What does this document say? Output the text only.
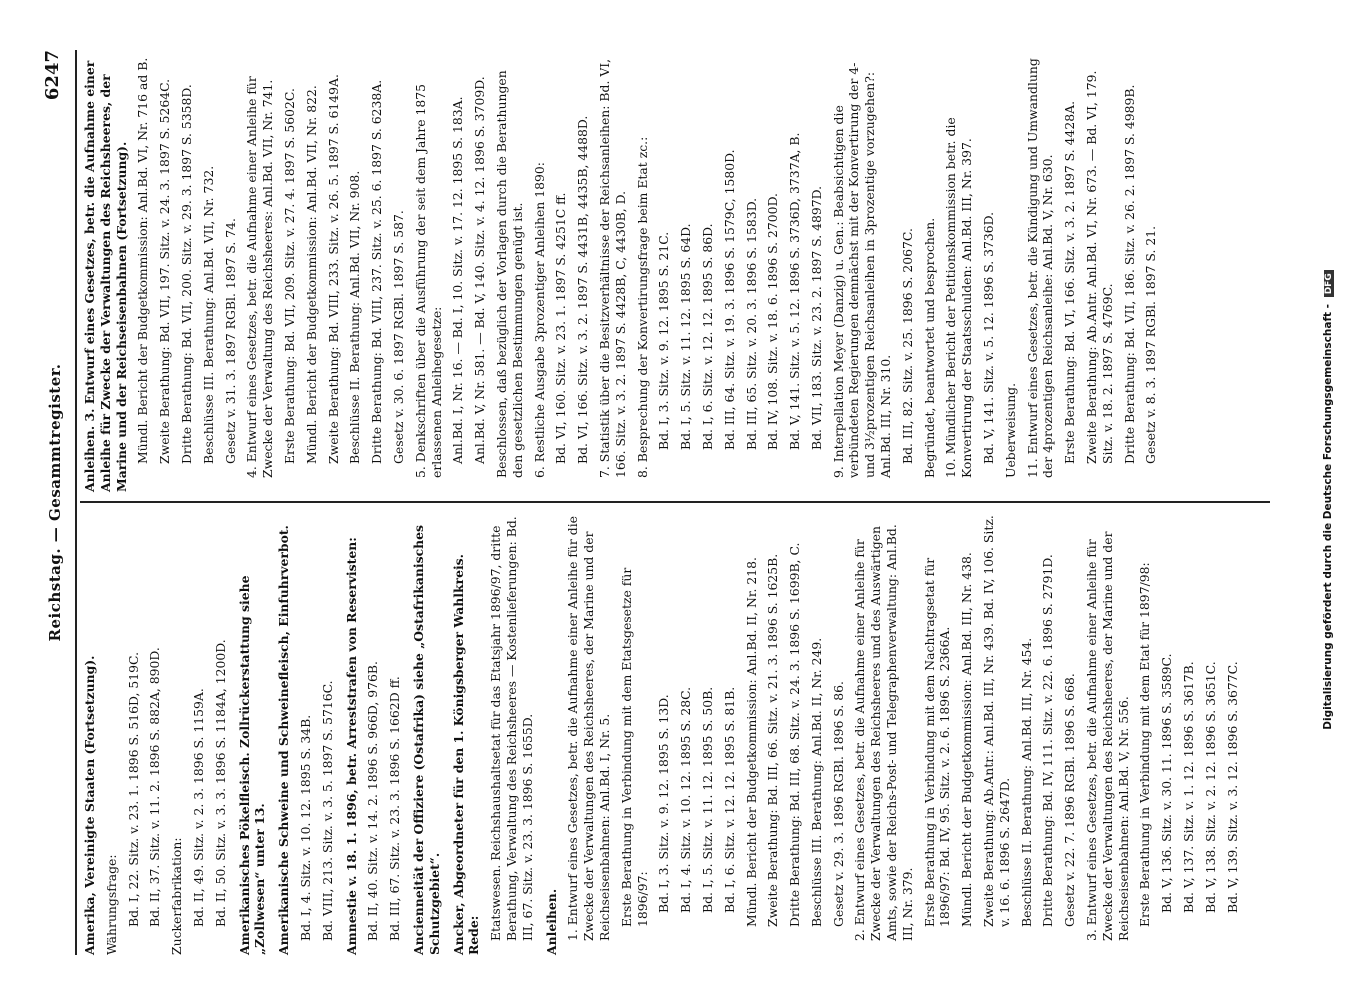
Reichstag. — Gesammtregister.
6247
Amerika, Vereinigte Staaten (Fortsetzung). Währungsfrage: Bd. I, 22. Sitz. v. 23. 1. 1896 S. 516D, 519C. Bd. II, 37. Sitz. v. 11. 2. 1896 S. 882A, 890D. Zuckerfabrikation: Bd. II, 49. Sitz. v. 2. 3. 1896 S. 1159A. Bd. II, 50. Sitz. v. 3. 3. 1896 S. 1184A, 1200D. Amerikanisches Pökelfleisch. Zollrückerstattung siehe „Zollwesen“ unter 13. Amerikanische Schweine und Schweinefleisch, Einfuhrverbot. Bd. I, 4. Sitz. v. 10. 12. 1895 S. 34B. Bd. VIII, 213. Sitz. v. 3. 5. 1897 S. 5716C. Amnestie v. 18. 1. 1896, betr. Arreststrafen von Reservisten: Bd. II, 40. Sitz. v. 14. 2. 1896 S. 966D, 976B. Bd. III, 67. Sitz. v. 23. 3. 1896 S. 1662D ff. Ancienneität der Offiziere (Ostafrika) siehe „Ostafrikanisches Schutzgebiet“. Ancker, Abgeordneter für den 1. Königsberger Wahlkreis. Rede: Etatswesen. Reichshaushaltsetat für das Etatsjahr 1896/97, dritte Berathung, Verwaltung des Reichsheeres — Kostenlieferungen: Bd. III, 67. Sitz. v. 23. 3. 1896 S. 1655D. Anleihen. 1. Entwurf eines Gesetzes, betr. die Aufnahme einer Anleihe für die Zwecke der Verwaltungen des Reichsheeres, der Marine und der Reichseisenbahnen: Anl.Bd. I, Nr. 5. Erste Berathung in Verbindung mit dem Etatsgesetze für 1896/97: Bd. I, 3. Sitz. v. 9. 12. 1895 S. 13D. Bd. I, 4. Sitz. v. 10. 12. 1895 S. 28C. Bd. I, 5. Sitz. v. 11. 12. 1895 S. 50B. Bd. I, 6. Sitz. v. 12. 12. 1895 S. 81B. Mündl. Bericht der Budgetkommission: Anl.Bd. II, Nr. 218. Zweite Berathung: Bd. III, 66. Sitz. v. 21. 3. 1896 S. 1625B. Dritte Berathung: Bd. III, 68. Sitz. v. 24. 3. 1896 S. 1699B, C. Beschlüsse III. Berathung: Anl.Bd. II, Nr. 249. Gesetz v. 29. 3. 1896 RGBl. 1896 S. 86. 2. Entwurf eines Gesetzes, betr. die Aufnahme einer Anleihe für Zwecke der Verwaltungen des Reichsheeres und des Auswärtigen Amts, sowie der Reichs-Post- und Telegraphenverwaltung: Anl.Bd. III, Nr. 379. Erste Berathung in Verbindung mit dem Nachtragsetat für 1896/97: Bd. IV, 95. Sitz. v. 2. 6. 1896 S. 2366A. Mündl. Bericht der Budgetkommission: Anl.Bd. III, Nr. 438. Zweite Berathung: Ab.Antr.: Anl.Bd. III, Nr. 439. Bd. IV, 106. Sitz. v. 16. 6. 1896 S. 2647D. Beschlüsse II. Berathung: Anl.Bd. III, Nr. 454. Dritte Berathung: Bd. IV, 111. Sitz. v. 22. 6. 1896 S. 2791D. Gesetz v. 22. 7. 1896 RGBl. 1896 S. 668. 3. Entwurf eines Gesetzes, betr. die Aufnahme einer Anleihe für Zwecke der Verwaltungen des Reichsheeres, der Marine und der Reichseisenbahnen: Anl.Bd. V, Nr. 556. Erste Berathung in Verbindung mit dem Etat für 1897/98: Bd. V, 136. Sitz. v. 30. 11. 1896 S. 3589C. Bd. V, 137. Sitz. v. 1. 12. 1896 S. 3617B. Bd. V, 138. Sitz. v. 2. 12. 1896 S. 3651C. Bd. V, 139. Sitz. v. 3. 12. 1896 S. 3677C.
Anleihen. 3. Entwurf eines Gesetzes, betr. die Aufnahme einer Anleihe für Zwecke der Verwaltungen des Reichsheeres, der Marine und der Reichseisenbahnen (Fortsetzung). Mündl. Bericht der Budgetkommission: Anl.Bd. VI, Nr. 716 ad B. Zweite Berathung: Bd. VII, 197. Sitz. v. 24. 3. 1897 S. 5264C. Dritte Berathung: Bd. VII, 200. Sitz. v. 29. 3. 1897 S. 5358D. Beschlüsse III. Berathung: Anl.Bd. VII, Nr. 732. Gesetz v. 31. 3. 1897 RGBl. 1897 S. 74. 4. Entwurf eines Gesetzes, betr. die Aufnahme einer Anleihe für Zwecke der Verwaltung des Reichsheeres: Anl.Bd. VII, Nr. 741. Erste Berathung: Bd. VII, 209. Sitz. v. 27. 4. 1897 S. 5602C. Mündl. Bericht der Budgetkommission: Anl.Bd. VII, Nr. 822. Zweite Berathung: Bd. VIII, 233. Sitz. v. 26. 5. 1897 S. 6149A. Beschlüsse II. Berathung: Anl.Bd. VII, Nr. 908. Dritte Berathung: Bd. VIII, 237. Sitz. v. 25. 6. 1897 S. 6238A. Gesetz v. 30. 6. 1897 RGBl. 1897 S. 587. 5. Denkschriften über die Ausführung der seit dem Jahre 1875 erlassenen Anleihegesetze: Anl.Bd. I, Nr. 16. — Bd. I, 10. Sitz. v. 17. 12. 1895 S. 183A. Anl.Bd. V, Nr. 581. — Bd. V, 140. Sitz. v. 4. 12. 1896 S. 3709D. Beschlossen, daß bezüglich der Vorlagen durch die Berathungen den gesetzlichen Bestimmungen genügt ist. 6. Restliche Ausgabe 3prozentiger Anleihen 1890: Bd. VI, 160. Sitz. v. 23. 1. 1897 S. 4251C ff. Bd. VI, 166. Sitz. v. 3. 2. 1897 S. 4431B, 4435B, 4488D. 7. Statistik über die Besitzverhältnisse der Reichsanleihen: Bd. VI, 166. Sitz. v. 3. 2. 1897 S. 4428B, C, 4430B, D. 8. Besprechung der Konvertirungsfrage beim Etat zc.: Bd. I, 3. Sitz. v. 9. 12. 1895 S. 21C. Bd. I, 5. Sitz. v. 11. 12. 1895 S. 64D. Bd. I, 6. Sitz. v. 12. 12. 1895 S. 86D. Bd. III, 64. Sitz. v. 19. 3. 1896 S. 1579C, 1580D. Bd. III, 65. Sitz. v. 20. 3. 1896 S. 1583D. Bd. IV, 108. Sitz. v. 18. 6. 1896 S. 2700D. Bd. V, 141. Sitz. v. 5. 12. 1896 S. 3736D, 3737A, B. Bd. VII, 183. Sitz. v. 23. 2. 1897 S. 4897D. 9. Interpellation Meyer (Danzig) u. Gen.: Beabsichtigen die verbündeten Regierungen demnächst mit der Konvertirung der 4- und 3½prozentigen Reichsanleihen in 3prozentige vorzugehen?: Anl.Bd. III, Nr. 310. Bd. III, 82. Sitz. v. 25. 1896 S. 2067C. Begründet, beantwortet und besprochen. 10. Mündlicher Bericht der Petitionskommission betr. die Konvertirung der Staatsschulden: Anl.Bd. III, Nr. 397. Bd. V, 141. Sitz. v. 5. 12. 1896 S. 3736D. Ueberweisung. 11. Entwurf eines Gesetzes, betr. die Kündigung und Umwandlung der 4prozentigen Reichsanleihe: Anl.Bd. V, Nr. 630. Erste Berathung: Bd. VI, 166. Sitz. v. 3. 2. 1897 S. 4428A. Zweite Berathung: Ab.Antr. Anl.Bd. VI, Nr. 673. — Bd. VI, 179. Sitz. v. 18. 2. 1897 S. 4769C. Dritte Berathung: Bd. VII, 186. Sitz. v. 26. 2. 1897 S. 4989B. Gesetz v. 8. 3. 1897 RGBl. 1897 S. 21.	Digitalisierung gefördert durch die Deutsche Forschungsgemeinschaft - DFG
